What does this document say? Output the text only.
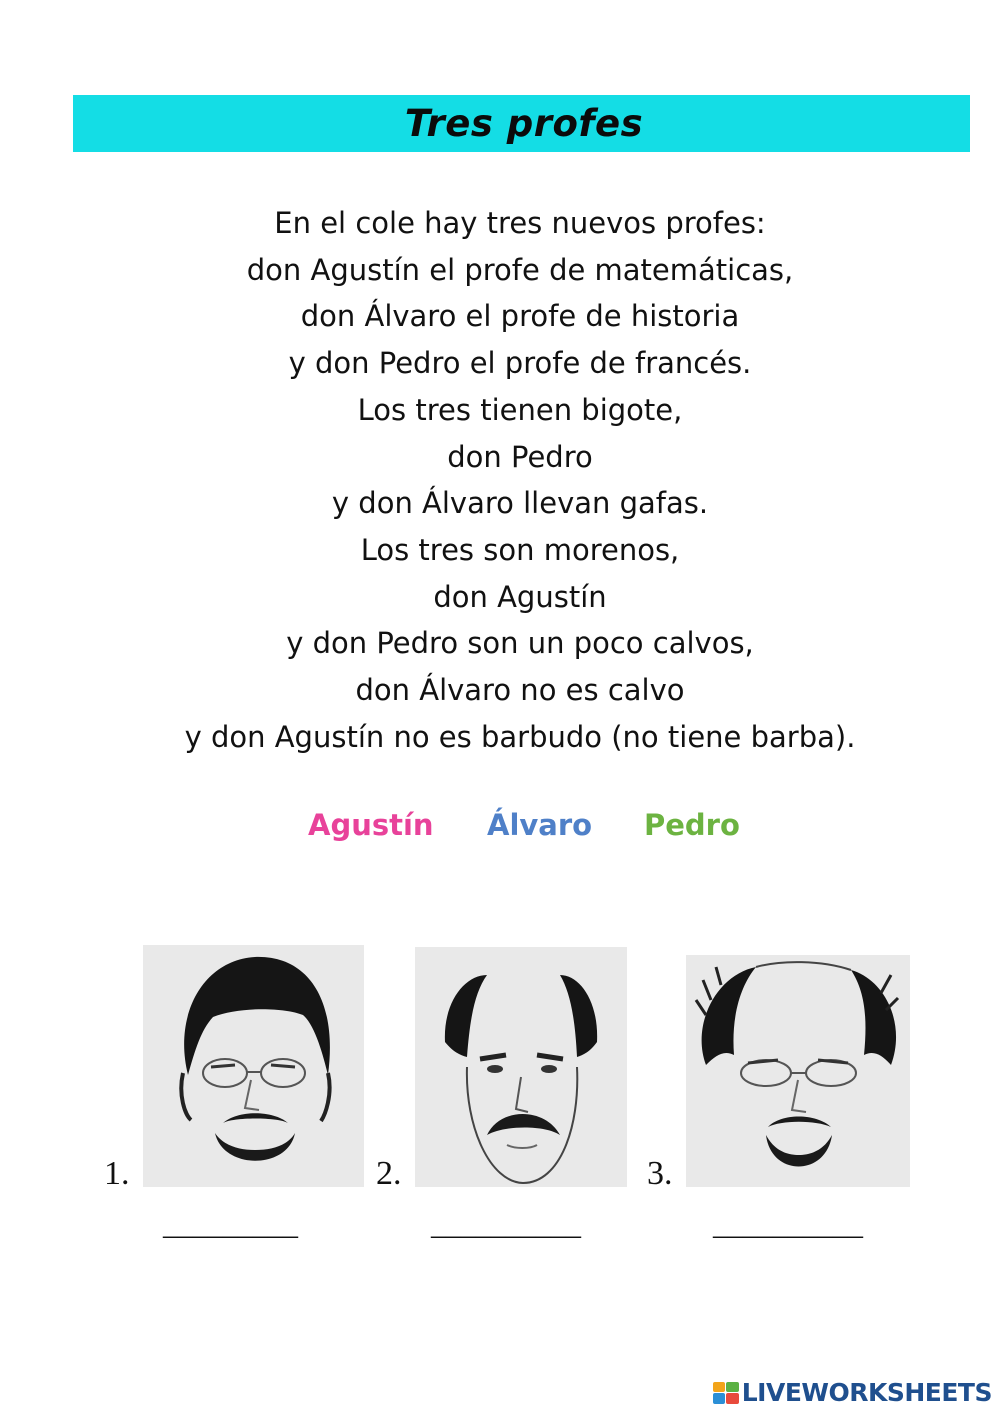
Tres profes
En el cole hay tres nuevos profes:
don Agustín el profe de matemáticas,
don Álvaro el profe de historia
y don Pedro el profe de francés.
Los tres tienen bigote,
don Pedro
y don Álvaro llevan gafas.
Los tres son morenos,
don Agustín
y don Pedro son un poco calvos,
don Álvaro no es calvo
y don Agustín no es barbudo (no tiene barba).
Agustín Álvaro Pedro
1.	2.	3.
_________	__________	__________
LIVEWORKSHEETS
